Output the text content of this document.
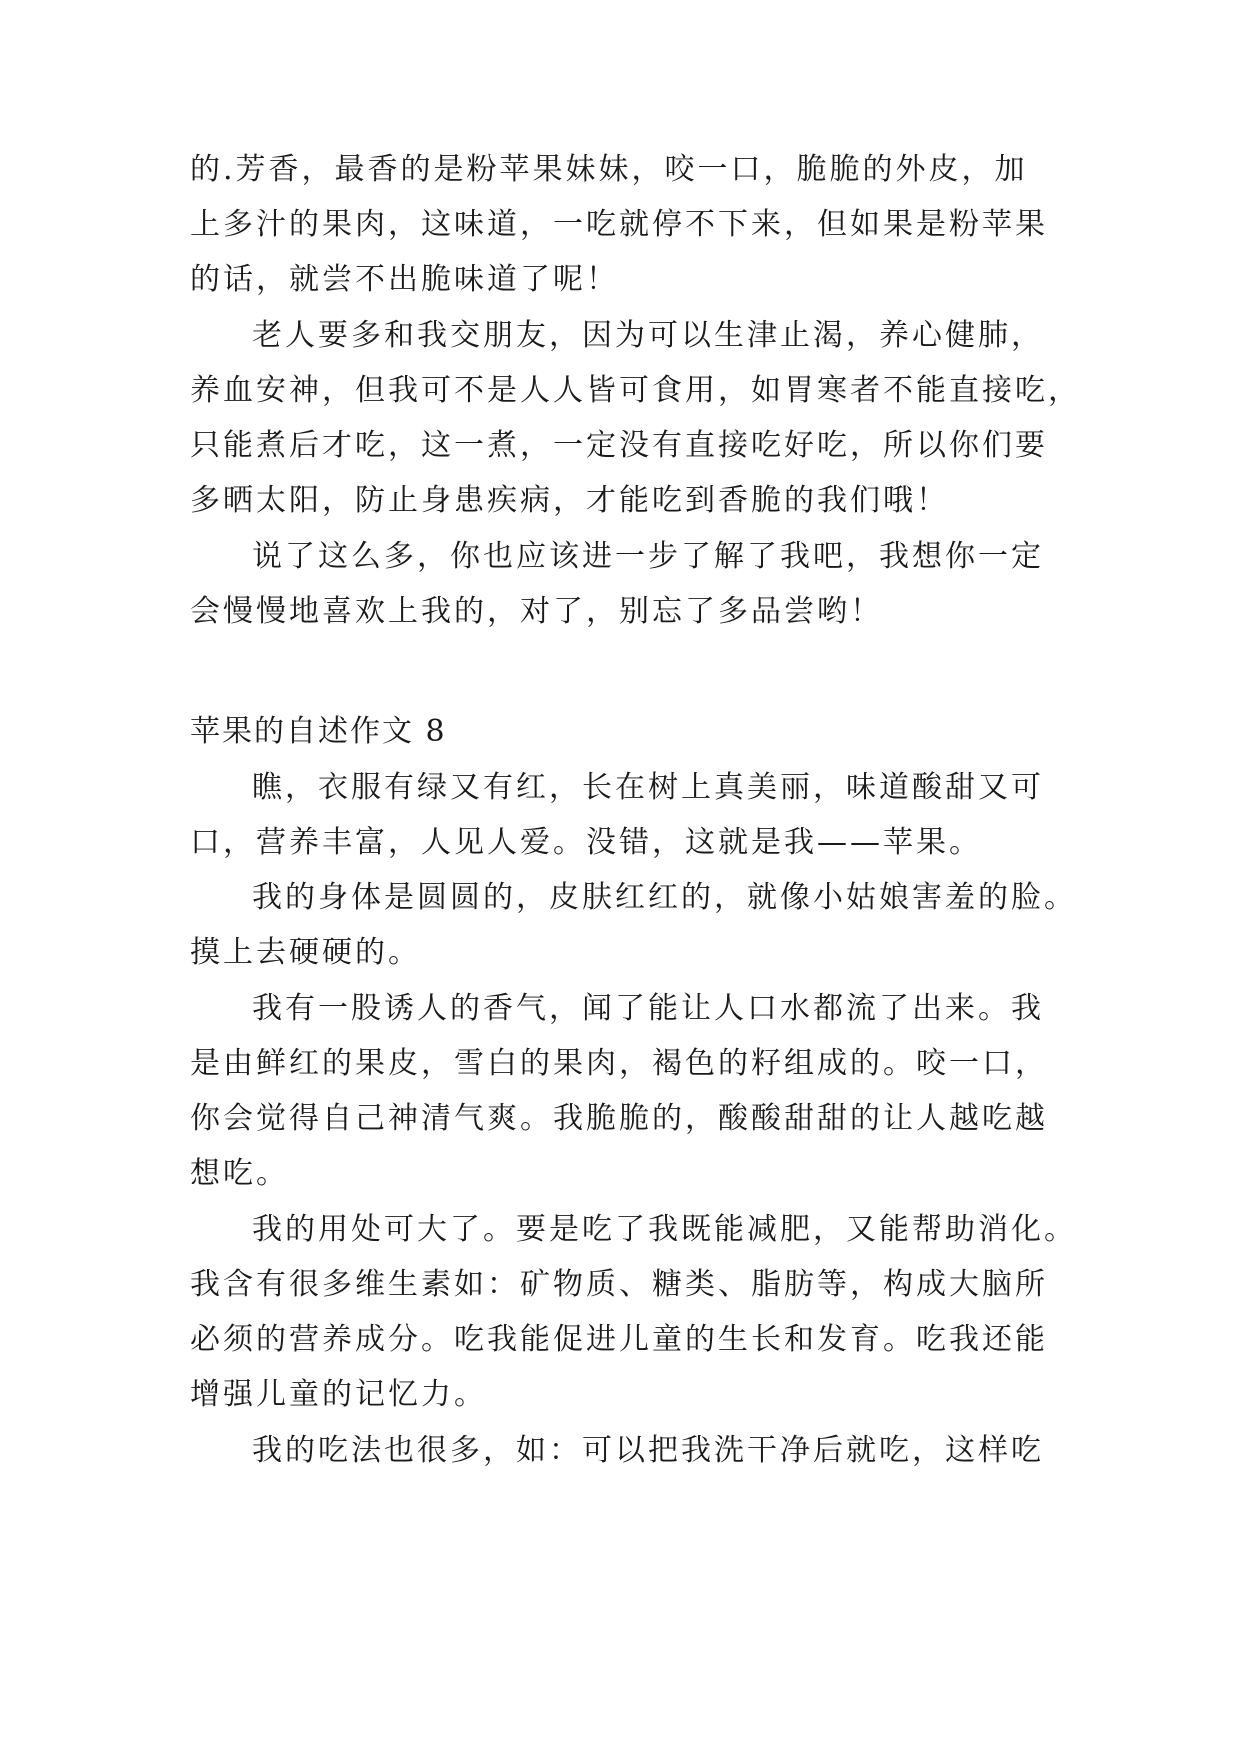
的.芳香，最香的是粉苹果妹妹，咬一口，脆脆的外皮，加
上多汁的果肉，这味道，一吃就停不下来，但如果是粉苹果
的话，就尝不出脆味道了呢！
老人要多和我交朋友，因为可以生津止渴，养心健肺，
养血安神，但我可不是人人皆可食用，如胃寒者不能直接吃，
只能煮后才吃，这一煮，一定没有直接吃好吃，所以你们要
多晒太阳，防止身患疾病，才能吃到香脆的我们哦！
说了这么多，你也应该进一步了解了我吧，我想你一定
会慢慢地喜欢上我的，对了，别忘了多品尝哟！
苹果的自述作文 8
瞧，衣服有绿又有红，长在树上真美丽，味道酸甜又可
口，营养丰富，人见人爱。没错，这就是我——苹果。
我的身体是圆圆的，皮肤红红的，就像小姑娘害羞的脸。
摸上去硬硬的。
我有一股诱人的香气，闻了能让人口水都流了出来。我
是由鲜红的果皮，雪白的果肉，褐色的籽组成的。咬一口，
你会觉得自己神清气爽。我脆脆的，酸酸甜甜的让人越吃越
想吃。
我的用处可大了。要是吃了我既能减肥，又能帮助消化。
我含有很多维生素如：矿物质、糖类、脂肪等，构成大脑所
必须的营养成分。吃我能促进儿童的生长和发育。吃我还能
增强儿童的记忆力。
我的吃法也很多，如：可以把我洗干净后就吃，这样吃
